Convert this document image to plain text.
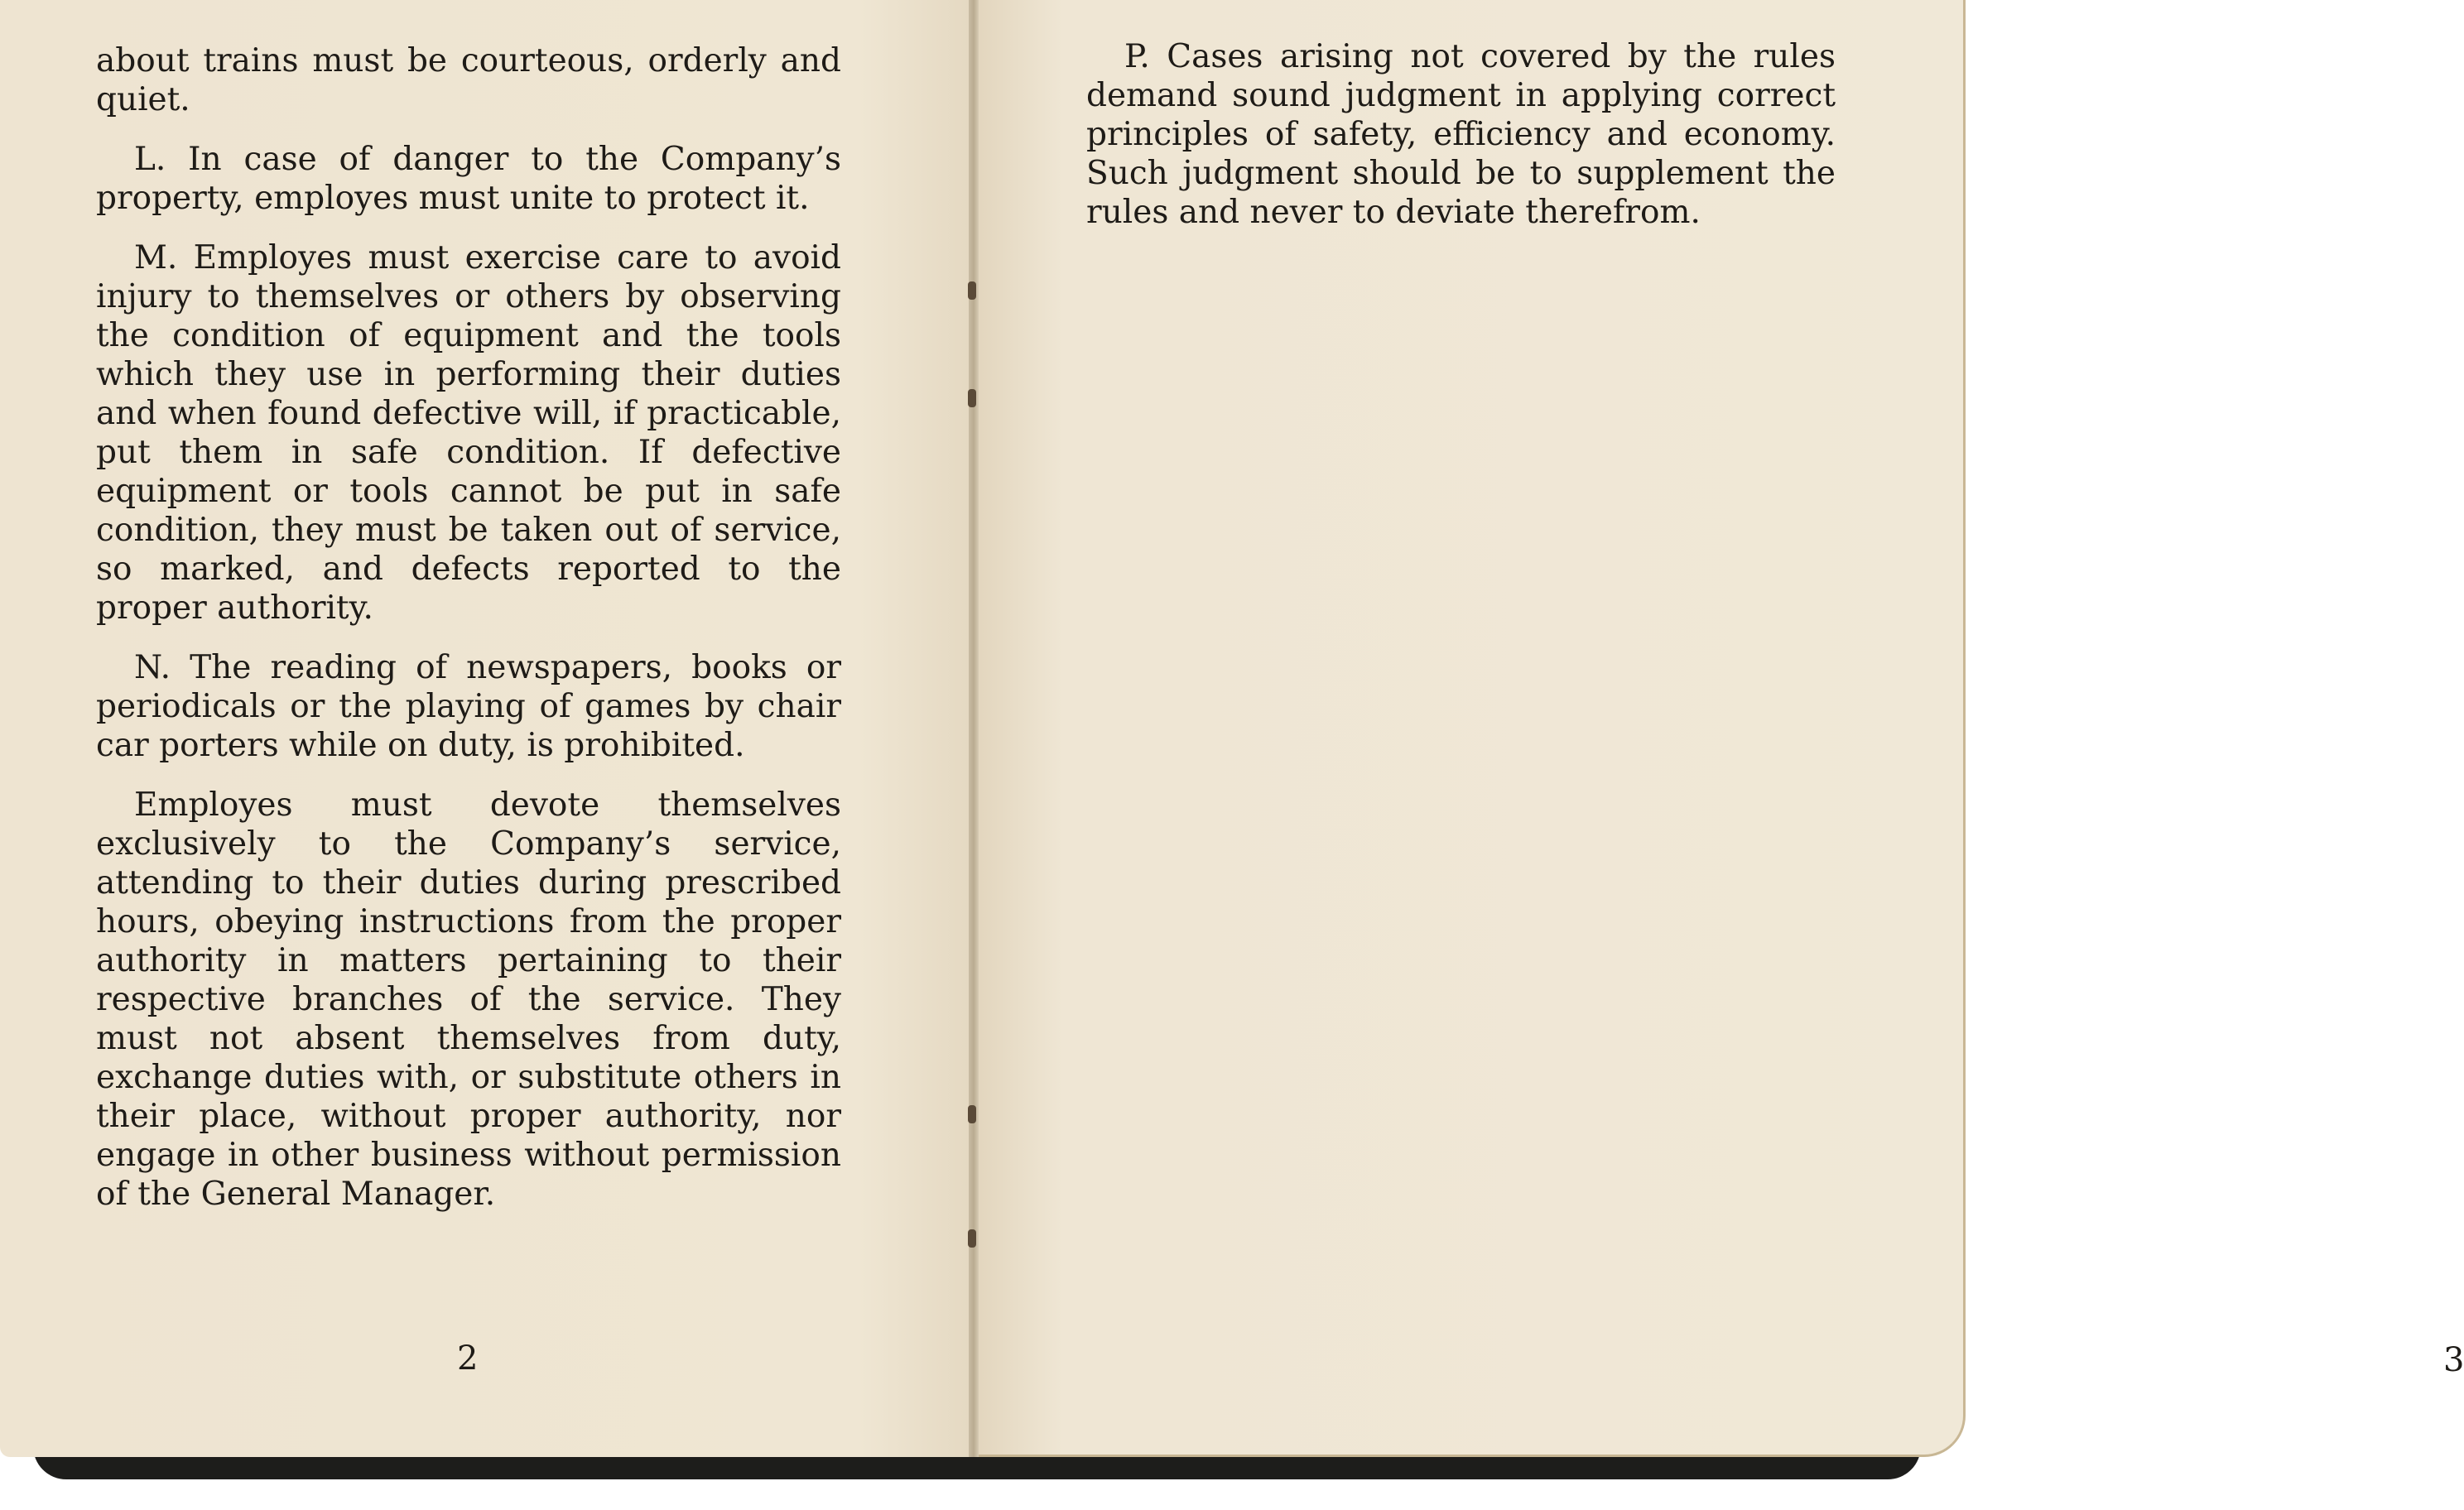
about trains must be courteous, orderly and quiet.

L. In case of danger to the Company’s property, employes must unite to protect it.

M. Employes must exercise care to avoid injury to themselves or others by observing the condition of equipment and the tools which they use in performing their duties and when found defective will, if practicable, put them in safe condition. If defective equipment or tools cannot be put in safe condition, they must be taken out of service, so marked, and defects reported to the proper authority.

N. The reading of newspapers, books or periodicals or the playing of games by chair car porters while on duty, is prohibited.

Employes must devote themselves exclusively to the Company’s service, attending to their duties during prescribed hours, obeying instructions from the proper authority in matters pertaining to their respective branches of the service. They must not absent themselves from duty, exchange duties with, or substitute others in their place, without proper authority, nor engage in other business without permission of the General Manager.

2	3

P. Cases arising not covered by the rules demand sound judgment in applying correct principles of safety, efficiency and economy. Such judgment should be to supplement the rules and never to deviate therefrom.
